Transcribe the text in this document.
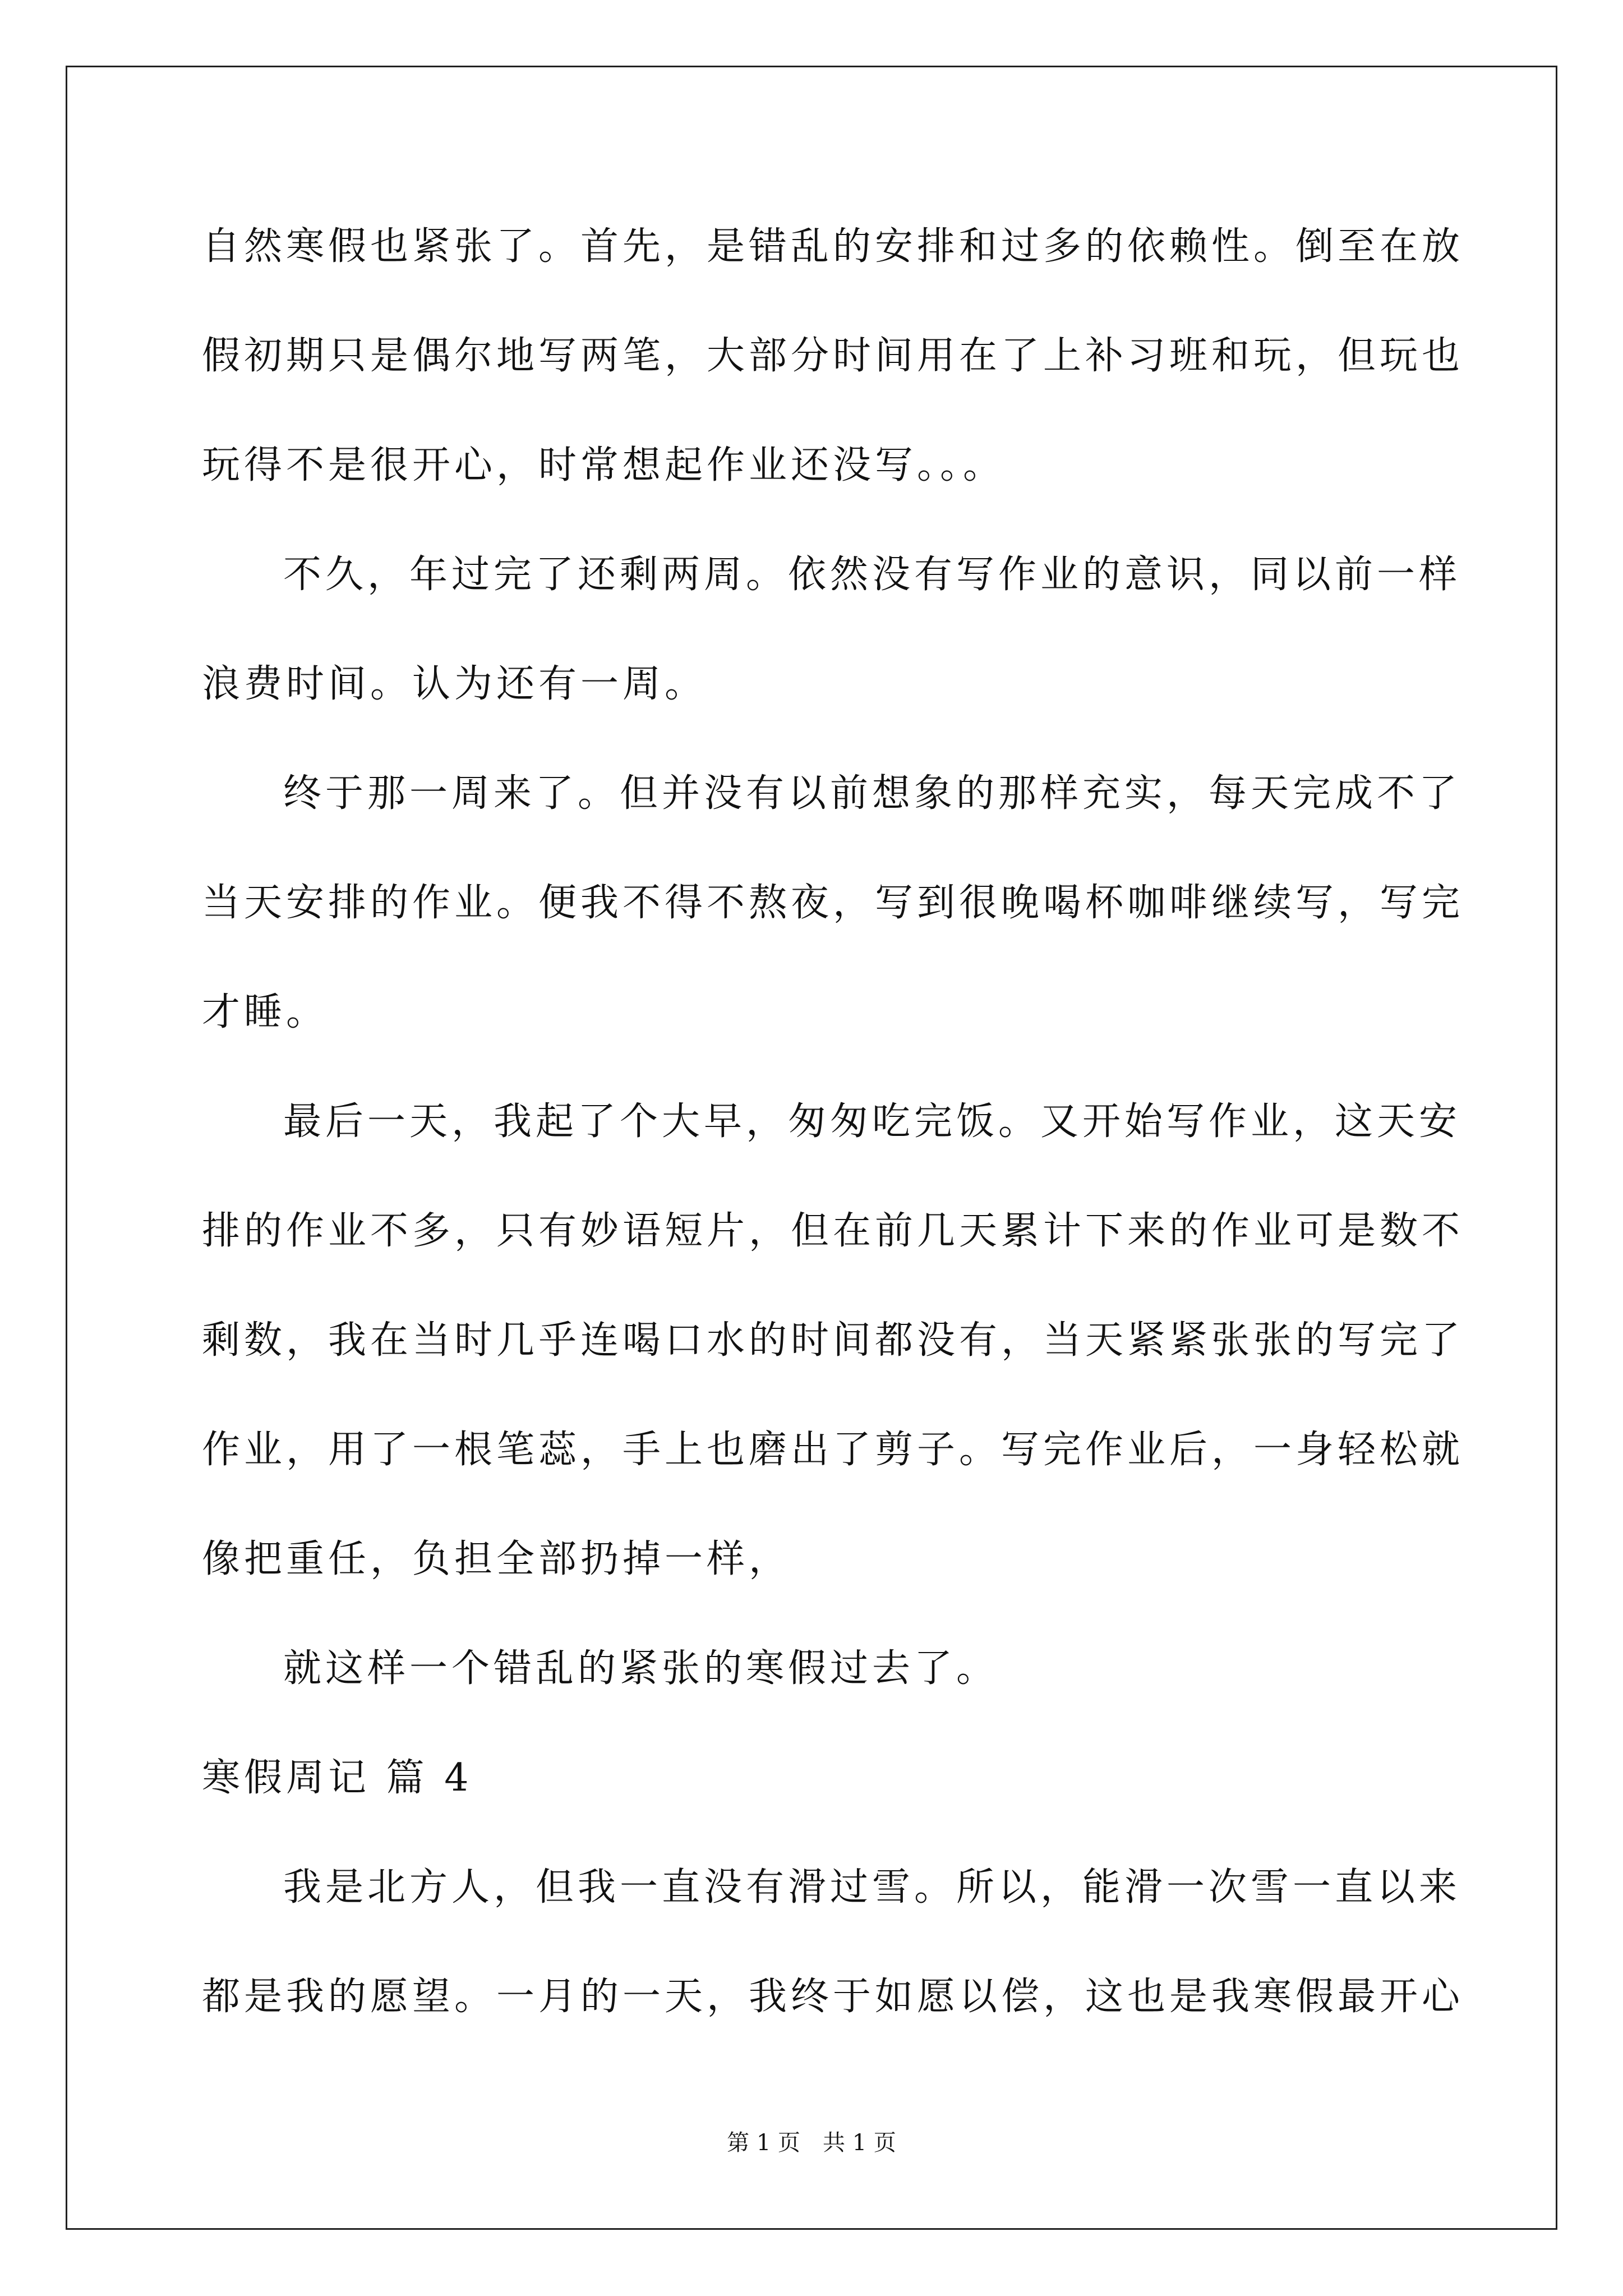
自然寒假也紧张了。首先，是错乱的安排和过多的依赖性。倒至在放
假初期只是偶尔地写两笔，大部分时间用在了上补习班和玩，但玩也
玩得不是很开心，时常想起作业还没写。。。
不久，年过完了还剩两周。依然没有写作业的意识，同以前一样
浪费时间。认为还有一周。
终于那一周来了。但并没有以前想象的那样充实，每天完成不了
当天安排的作业。便我不得不熬夜，写到很晚喝杯咖啡继续写，写完
才睡。
最后一天，我起了个大早，匆匆吃完饭。又开始写作业，这天安
排的作业不多，只有妙语短片，但在前几天累计下来的作业可是数不
剩数，我在当时几乎连喝口水的时间都没有，当天紧紧张张的写完了
作业，用了一根笔蕊，手上也磨出了剪子。写完作业后，一身轻松就
像把重任，负担全部扔掉一样，
就这样一个错乱的紧张的寒假过去了。
寒假周记 篇 4
我是北方人，但我一直没有滑过雪。所以，能滑一次雪一直以来
都是我的愿望。一月的一天，我终于如愿以偿，这也是我寒假最开心
第 1 页 共 1 页
